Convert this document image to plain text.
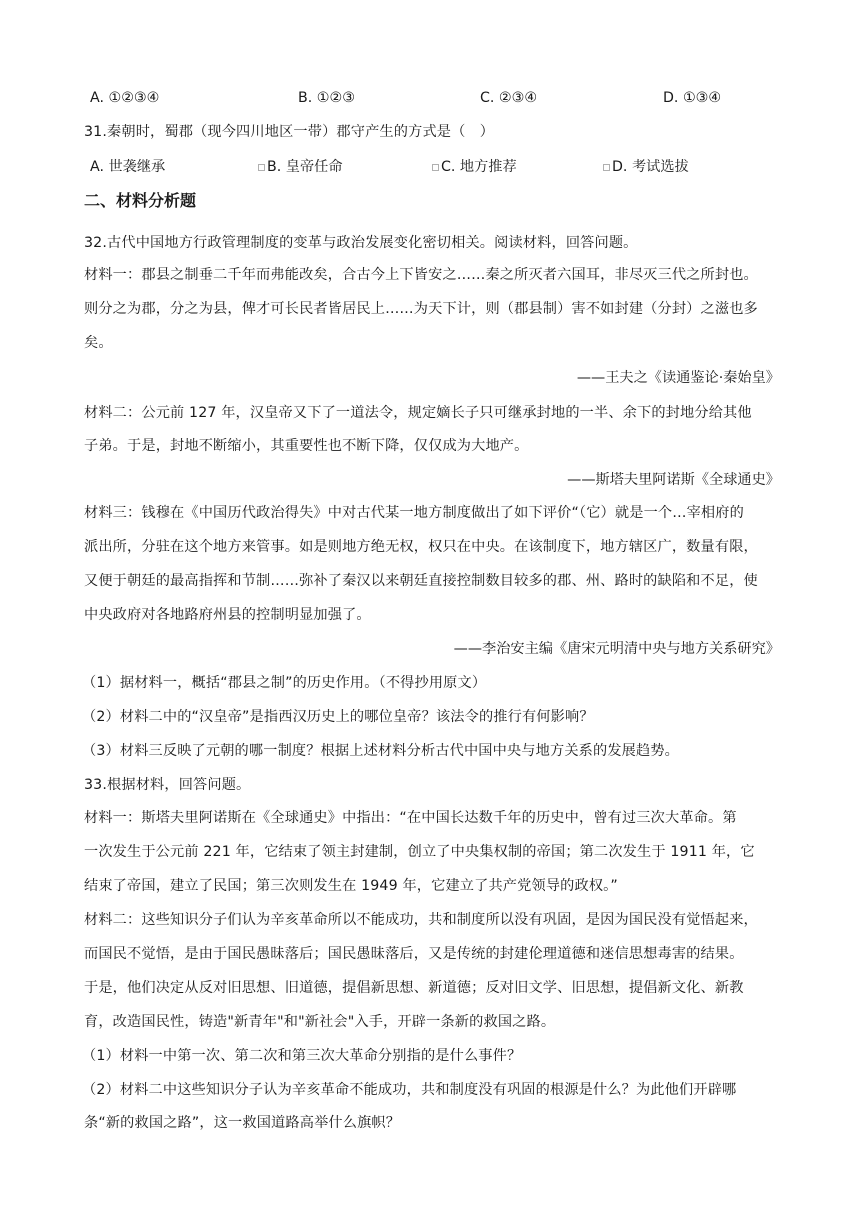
A. ①②③④	B. ①②③	C. ②③④	D. ①③④
31.秦朝时，蜀郡（现今四川地区一带）郡守产生的方式是（　）
A. 世袭继承	B. 皇帝任命	C. 地方推荐	D. 考试选拔
二、材料分析题
32.古代中国地方行政管理制度的变革与政治发展变化密切相关。阅读材料，回答问题。
材料一：郡县之制垂二千年而弗能改矣，合古今上下皆安之……秦之所灭者六国耳，非尽灭三代之所封也。
则分之为郡，分之为县，俾才可长民者皆居民上……为天下计，则（郡县制）害不如封建（分封）之滋也多
矣。
——王夫之《读通鉴论·秦始皇》
材料二：公元前 127 年，汉皇帝又下了一道法令，规定嫡长子只可继承封地的一半、余下的封地分给其他
子弟。于是，封地不断缩小，其重要性也不断下降，仅仅成为大地产。
——斯塔夫里阿诺斯《全球通史》
材料三：钱穆在《中国历代政治得失》中对古代某一地方制度做出了如下评价“（它）就是一个…宰相府的
派出所，分驻在这个地方来管事。如是则地方绝无权，权只在中央。在该制度下，地方辖区广，数量有限，
又便于朝廷的最高指挥和节制……弥补了秦汉以来朝廷直接控制数目较多的郡、州、路时的缺陷和不足，使
中央政府对各地路府州县的控制明显加强了。
——李治安主编《唐宋元明清中央与地方关系研究》
（1）据材料一，概括“郡县之制”的历史作用。（不得抄用原文）
（2）材料二中的“汉皇帝”是指西汉历史上的哪位皇帝？该法令的推行有何影响？
（3）材料三反映了元朝的哪一制度？根据上述材料分析古代中国中央与地方关系的发展趋势。
33.根据材料，回答问题。
材料一：斯塔夫里阿诺斯在《全球通史》中指出：“在中国长达数千年的历史中，曾有过三次大革命。第
一次发生于公元前 221 年，它结束了领主封建制，创立了中央集权制的帝国；第二次发生于 1911 年，它
结束了帝国，建立了民国；第三次则发生在 1949 年，它建立了共产党领导的政权。”
材料二：这些知识分子们认为辛亥革命所以不能成功，共和制度所以没有巩固，是因为国民没有觉悟起来，
而国民不觉悟，是由于国民愚昧落后；国民愚昧落后，又是传统的封建伦理道德和迷信思想毒害的结果。
于是，他们决定从反对旧思想、旧道德，提倡新思想、新道德；反对旧文学、旧思想，提倡新文化、新教
育，改造国民性，铸造"新青年"和"新社会"入手，开辟一条新的救国之路。
（1）材料一中第一次、第二次和第三次大革命分别指的是什么事件？
（2）材料二中这些知识分子认为辛亥革命不能成功，共和制度没有巩固的根源是什么？为此他们开辟哪
条“新的救国之路”，这一救国道路高举什么旗帜？
